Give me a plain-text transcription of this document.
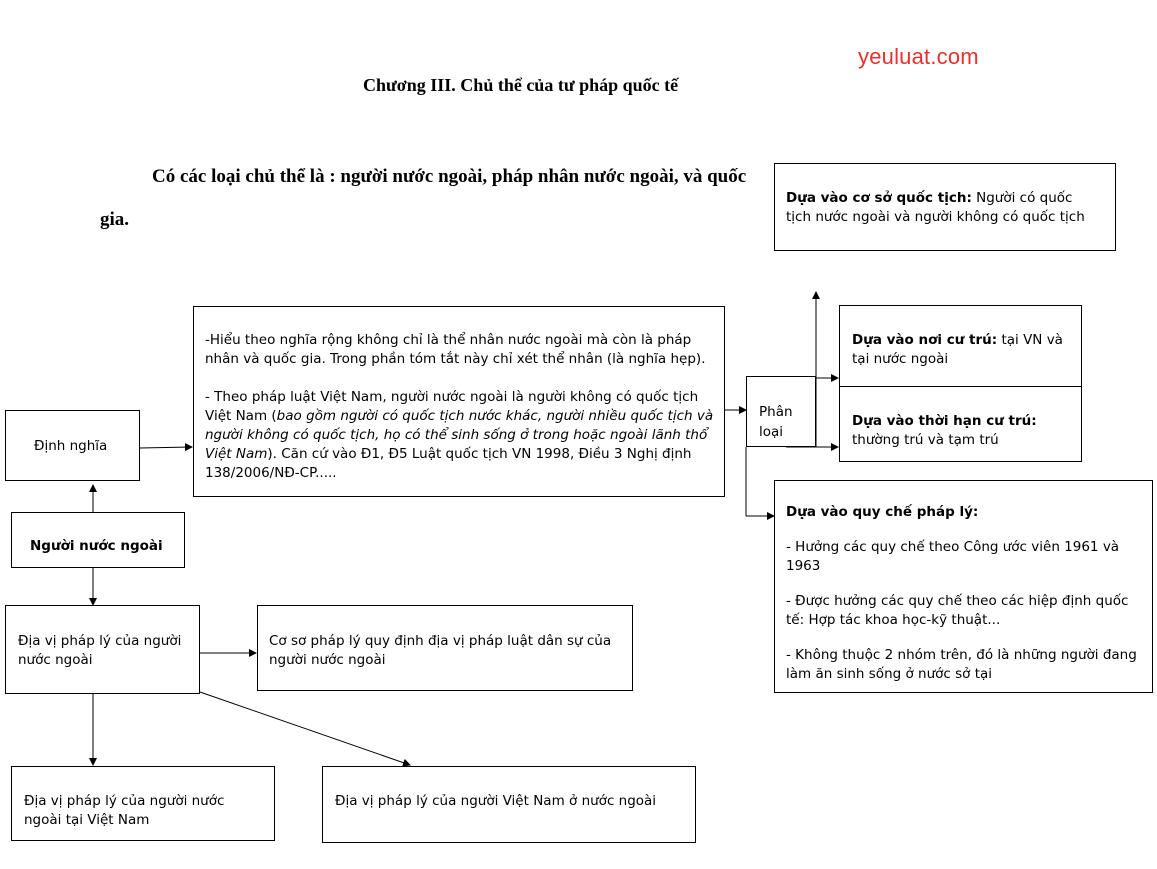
yeuluat.com
Chương III. Chủ thể của tư pháp quốc tế
Có các loại chủ thể là : người nước ngoài, pháp nhân nước ngoài, và quốc gia.
Định nghĩa

-Hiểu theo nghĩa rộng không chỉ là thể nhân nước ngoài mà còn là pháp nhân và quốc gia. Trong phần tóm tắt này chỉ xét thể nhân (là nghĩa hẹp).

- Theo pháp luật Việt Nam, người nước ngoài là người không có quốc tịch Việt Nam (bao gồm người có quốc tịch nước khác, người nhiều quốc tịch và người không có quốc tịch, họ có thể sinh sống ở trong hoặc ngoài lãnh thổ Việt Nam). Căn cứ vào Đ1, Đ5 Luật quốc tịch VN 1998, Điều 3 Nghị định 138/2006/NĐ-CP.....

Người nước ngoài
Địa vị pháp lý của người nước ngoài
Cơ sơ pháp lý quy định địa vị pháp luật dân sự của người nước ngoài
Địa vị pháp lý của người nước ngoài tại Việt Nam
Địa vị pháp lý của người Việt Nam ở nước ngoài
Phân loại
Dựa vào cơ sở quốc tịch: Người có quốc tịch nước ngoài và người không có quốc tịch
Dựa vào nơi cư trú: tại VN và tại nước ngoài
Dựa vào thời hạn cư trú:
thường trú và tạm trú

Dựa vào quy chế pháp lý:

- Hưởng các quy chế theo Công ước viên 1961 và 1963

- Được hưởng các quy chế theo các hiệp định quốc tế: Hợp tác khoa học-kỹ thuật...

- Không thuộc 2 nhóm trên, đó là những người đang làm ăn sinh sống ở nước sở tại
